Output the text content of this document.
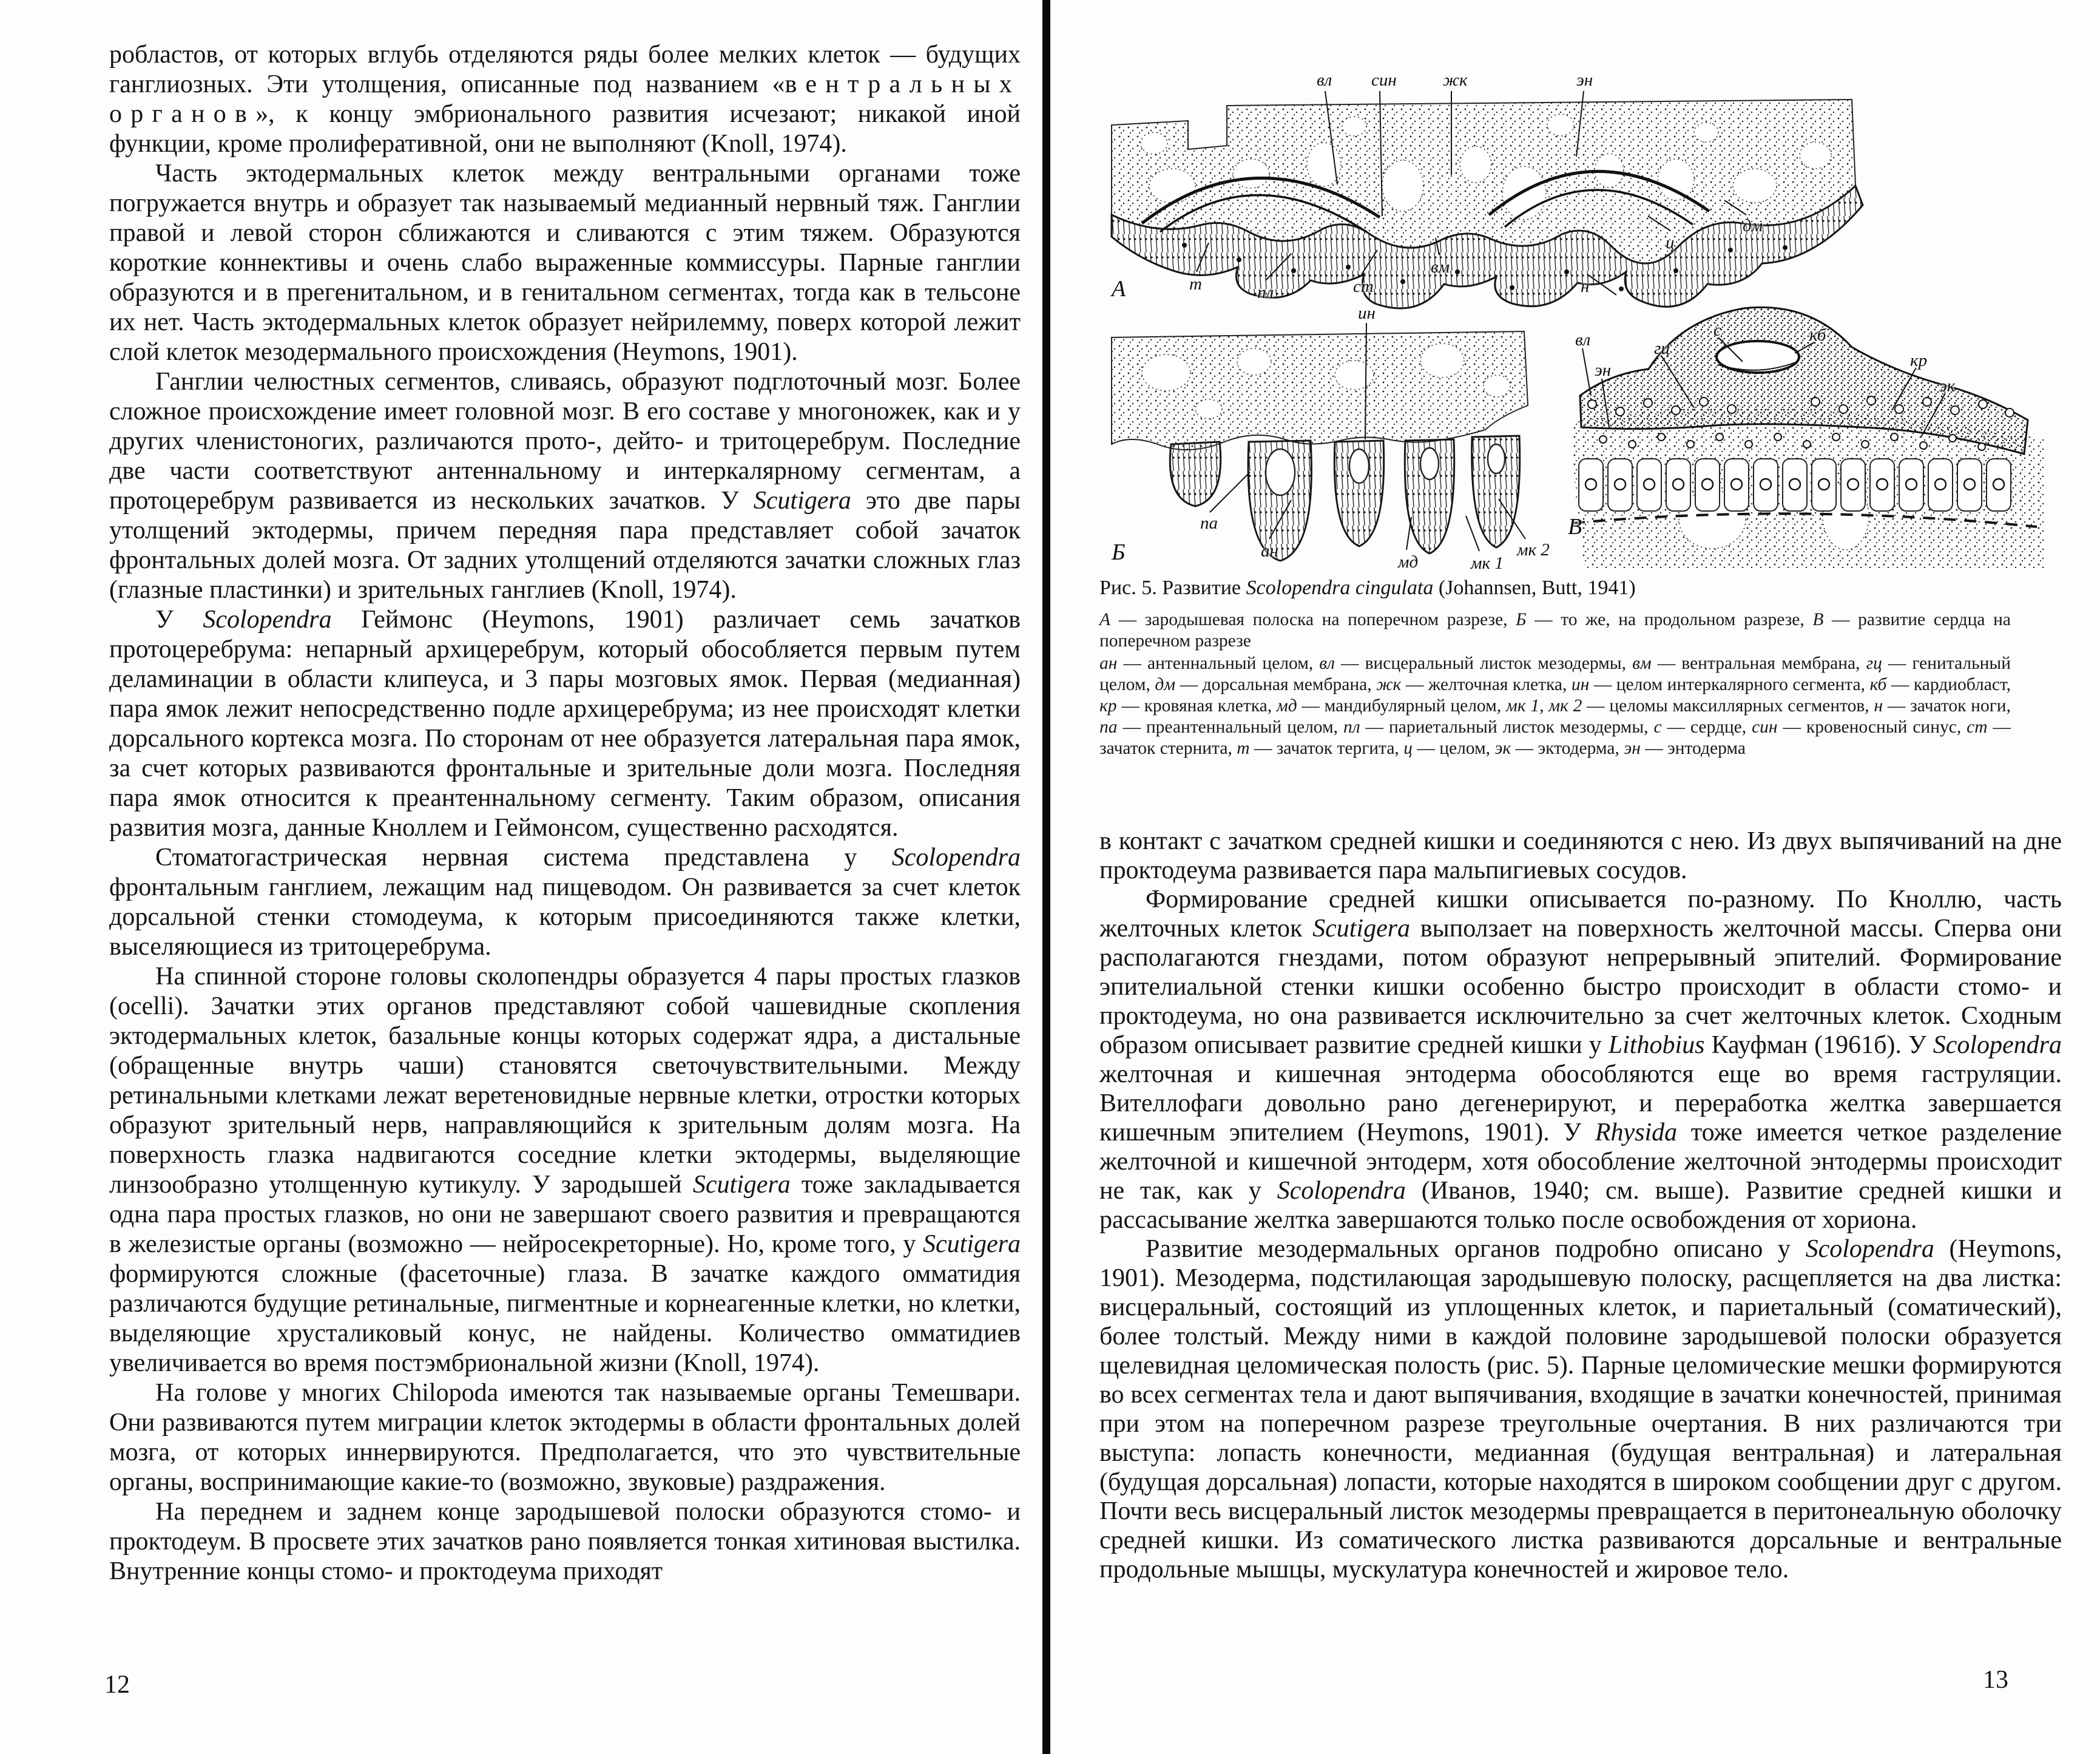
робластов, от которых вглубь отделяются ряды более мелких клеток — будущих ганглиозных. Эти утолщения, описанные под названием «вентральных органов», к концу эмбрионального развития исчезают; никакой иной функции, кроме пролиферативной, они не выполняют (Knoll, 1974).

Часть эктодермальных клеток между вентральными органами тоже погружается внутрь и образует так называемый медианный нервный тяж. Ганглии правой и левой сторон сближаются и сливаются с этим тяжем. Образуются короткие коннективы и очень слабо выраженные коммиссуры. Парные ганглии образуются и в прегенитальном, и в генитальном сегментах, тогда как в тельсоне их нет. Часть эктодермальных клеток образует нейрилемму, поверх которой лежит слой клеток мезодермального происхождения (Heymons, 1901).

Ганглии челюстных сегментов, сливаясь, образуют подглоточный мозг. Более сложное происхождение имеет головной мозг. В его составе у многоножек, как и у других членистоногих, различаются прото-, дейто- и тритоцеребрум. Последние две части соответствуют антеннальному и интеркалярному сегментам, а протоцеребрум развивается из нескольких зачатков. У Scutigera это две пары утолщений эктодермы, причем передняя пара представляет собой зачаток фронтальных долей мозга. От задних утолщений отделяются зачатки сложных глаз (глазные пластинки) и зрительных ганглиев (Knoll, 1974).

У Scolopendra Геймонс (Heymons, 1901) различает семь зачатков протоцеребрума: непарный архицеребрум, который обособляется первым путем деламинации в области клипеуса, и 3 пары мозговых ямок. Первая (медианная) пара ямок лежит непосредственно подле архицеребрума; из нее происходят клетки дорсального кортекса мозга. По сторонам от нее образуется латеральная пара ямок, за счет которых развиваются фронтальные и зрительные доли мозга. Последняя пара ямок относится к преантеннальному сегменту. Таким образом, описания развития мозга, данные Кноллем и Геймонсом, существенно расходятся.

Стоматогастрическая нервная система представлена у Scolopendra фронтальным ганглием, лежащим над пищеводом. Он развивается за счет клеток дорсальной стенки стомодеума, к которым присоединяются также клетки, выселяющиеся из тритоцеребрума.

На спинной стороне головы сколопендры образуется 4 пары простых глазков (ocelli). Зачатки этих органов представляют собой чашевидные скопления эктодермальных клеток, базальные концы которых содержат ядра, а дистальные (обращенные внутрь чаши) становятся светочувствительными. Между ретинальными клетками лежат веретеновидные нервные клетки, отростки которых образуют зрительный нерв, направляющийся к зрительным долям мозга. На поверхность глазка надвигаются соседние клетки эктодермы, выделяющие линзообразно утолщенную кутикулу. У зародышей Scutigera тоже закладывается одна пара простых глазков, но они не завершают своего развития и превращаются в железистые органы (возможно — нейросекреторные). Но, кроме того, у Scutigera формируются сложные (фасеточные) глаза. В зачатке каждого омматидия различаются будущие ретинальные, пигментные и корнеагенные клетки, но клетки, выделяющие хрусталиковый конус, не найдены. Количество омматидиев увеличивается во время постэмбриональной жизни (Knoll, 1974).

На голове у многих Chilopoda имеются так называемые органы Темешвари. Они развиваются путем миграции клеток эктодермы в области фронтальных долей мозга, от которых иннервируются. Предполагается, что это чувствительные органы, воспринимающие какие-то (возможно, звуковые) раздражения.

На переднем и заднем конце зародышевой полоски образуются стомо- и проктодеум. В просвете этих зачатков рано появляется тонкая хитиновая выстилка. Внутренние концы стомо- и проктодеума приходят

12
вл син	жк	эн
дм
ц
н
вм
ст
пл
т
А
ин
па
ан
мд	мк 1
мк 2
Б
вл
эн
гц
с	кб
кр
эк
В

Рис. 5. Развитие Scolopendra cingulata (Johannsen, Butt, 1941)

А — зародышевая полоска на поперечном разрезе, Б — то же, на продольном разрезе, В — развитие сердца на поперечном разрезе

ан — антеннальный целом, вл — висцеральный листок мезодермы, вм — вентральная мембрана, гц — генитальный целом, дм — дорсальная мембрана, жк — желточная клетка, ин — целом интеркалярного сегмента, кб — кардиобласт, кр — кровяная клетка, мд — мандибулярный целом, мк 1, мк 2 — целомы максиллярных сегментов, н — зачаток ноги, па — преантеннальный целом, пл — париетальный листок мезодермы, с — сердце, син — кровеносный синус, ст — зачаток стернита, т — зачаток тергита, ц — целом, эк — эктодерма, эн — энтодерма

в контакт с зачатком средней кишки и соединяются с нею. Из двух выпячиваний на дне проктодеума развивается пара мальпигиевых сосудов.

Формирование средней кишки описывается по-разному. По Кноллю, часть желточных клеток Scutigera выползает на поверхность желточной массы. Сперва они располагаются гнездами, потом образуют непрерывный эпителий. Формирование эпителиальной стенки кишки особенно быстро происходит в области стомо- и проктодеума, но она развивается исключительно за счет желточных клеток. Сходным образом описывает развитие средней кишки у Lithobius Кауфман (1961б). У Scolopendra желточная и кишечная энтодерма обособляются еще во время гаструляции. Вителлофаги довольно рано дегенерируют, и переработка желтка завершается кишечным эпителием (Heymons, 1901). У Rhysida тоже имеется четкое разделение желточной и кишечной энтодерм, хотя обособление желточной энтодермы происходит не так, как у Scolopendra (Иванов, 1940; см. выше). Развитие средней кишки и рассасывание желтка завершаются только после освобождения от хориона.

Развитие мезодермальных органов подробно описано у Scolopendra (Heymons, 1901). Мезодерма, подстилающая зародышевую полоску, расщепляется на два листка: висцеральный, состоящий из уплощенных клеток, и париетальный (соматический), более толстый. Между ними в каждой половине зародышевой полоски образуется щелевидная целомическая полость (рис. 5). Парные целомические мешки формируются во всех сегментах тела и дают выпячивания, входящие в зачатки конечностей, принимая при этом на поперечном разрезе треугольные очертания. В них различаются три выступа: лопасть конечности, медианная (будущая вентральная) и латеральная (будущая дорсальная) лопасти, которые находятся в широком сообщении друг с другом. Почти весь висцеральный листок мезодермы превращается в перитонеальную оболочку средней кишки. Из соматического листка развиваются дорсальные и вентральные продольные мышцы, мускулатура конечностей и жировое тело.

13
